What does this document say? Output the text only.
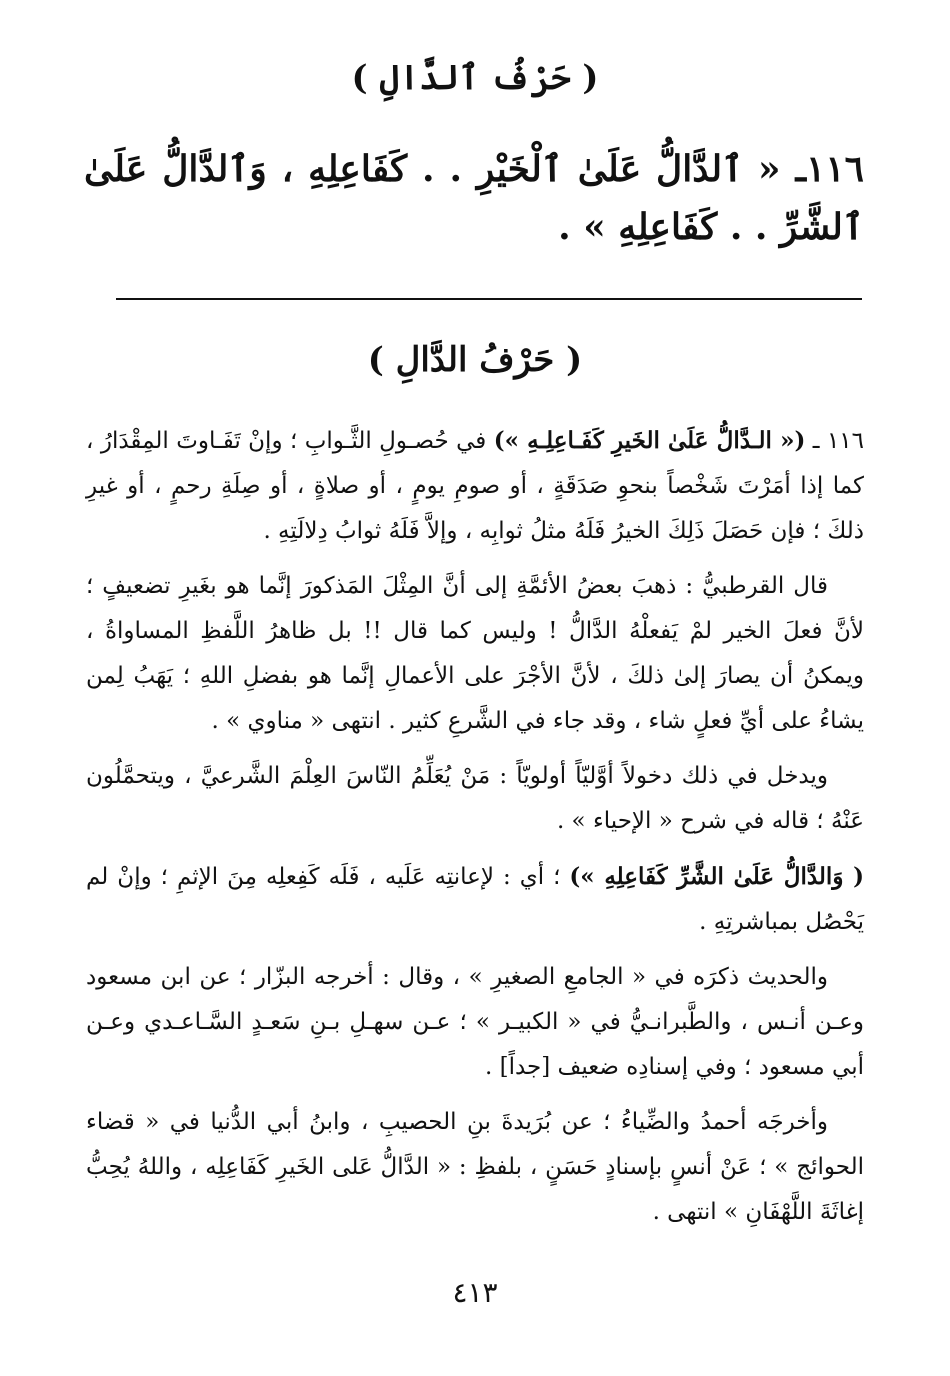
( حَرْفُ ٱلدَّالِ )
١١٦ـ « ٱلدَّالُّ عَلَىٰ ٱلْخَيْرِ . . كَفَاعِلِهِ ، وَٱلدَّالُّ عَلَىٰ ٱلشَّرِّ . . كَفَاعِلِهِ » .
( حَرْفُ الدَّالِ )

١١٦ ـ (« الـدَّالُّ عَلَىٰ الخَيرِ كَفَـاعِلِـهِ ») في حُصـولِ الثَّـوابِ ؛ وإنْ تَفَـاوتَ المِقْدَارُ ، كما إذا أمَرْتَ شَخْصاً بنحوِ صَدَقَةٍ ، أو صومِ يومٍ ، أو صلاةٍ ، أو صِلَةِ رحمٍ ، أو غيرِ ذلكَ ؛ فإن حَصَلَ ذَلِكَ الخيرُ فَلَهُ مثلُ ثوابِه ، وإلاَّ فَلَهُ ثوابُ دِلالَتِهِ .

قال القرطبيُّ : ذهبَ بعضُ الأئمَّةِ إلى أنَّ المِثْلَ المَذكورَ إنَّما هو بغَيرِ تضعيفٍ ؛ لأنَّ فعلَ الخير لمْ يَفعلْهُ الدَّالُّ ! وليس كما قال !! بل ظاهرُ اللَّفظِ المساواةُ ، ويمكنُ أن يصارَ إلىٰ ذلكَ ، لأنَّ الأجْرَ على الأعمالِ إنَّما هو بفضلِ اللهِ ؛ يَهَبُ لِمن يشاءُ على أيِّ فعلٍ شاء ، وقد جاء في الشَّرعِ كثير . انتهى « مناوي » .

ويدخل في ذلك دخولاً أوَّليّاً أولويّاً : مَنْ يُعَلِّمُ النّاسَ العِلْمَ الشَّرعيَّ ، ويتحمَّلُون عَنْهُ ؛ قاله في شرح « الإحياء » .

( وَالدَّالُّ عَلَىٰ الشَّرِّ كَفَاعِلِهِ ») ؛ أي : لإعانتِه عَلَيه ، فَلَه كَفِعلِه مِنَ الإثمِ ؛ وإنْ لم يَحْصُل بمباشرتِهِ .

والحديث ذكرَه في « الجامعِ الصغيرِ » ، وقال : أخرجه البزّار ؛ عن ابن مسعود وعـن أنـس ، والطَّبرانـيُّ في « الكبيـر » ؛ عـن سهـلِ بـنِ سَعـدٍ السَّـاعـدي وعـن أبي مسعود ؛ وفي إسنادِه ضعيف [جداً] .

وأخرجَه أحمدُ والضِّياءُ ؛ عن بُرَيدةَ بنِ الحصيبِ ، وابنُ أبي الدُّنيا في « قضاء الحوائج » ؛ عَنْ أنسٍ بإسنادٍ حَسَنٍ ، بلفظِ : « الدَّالُّ عَلى الخَيرِ كَفَاعِلِه ، واللهُ يُحِبُّ إغاثَةَ اللَّهْفَانِ » انتهى .

٤١٣
